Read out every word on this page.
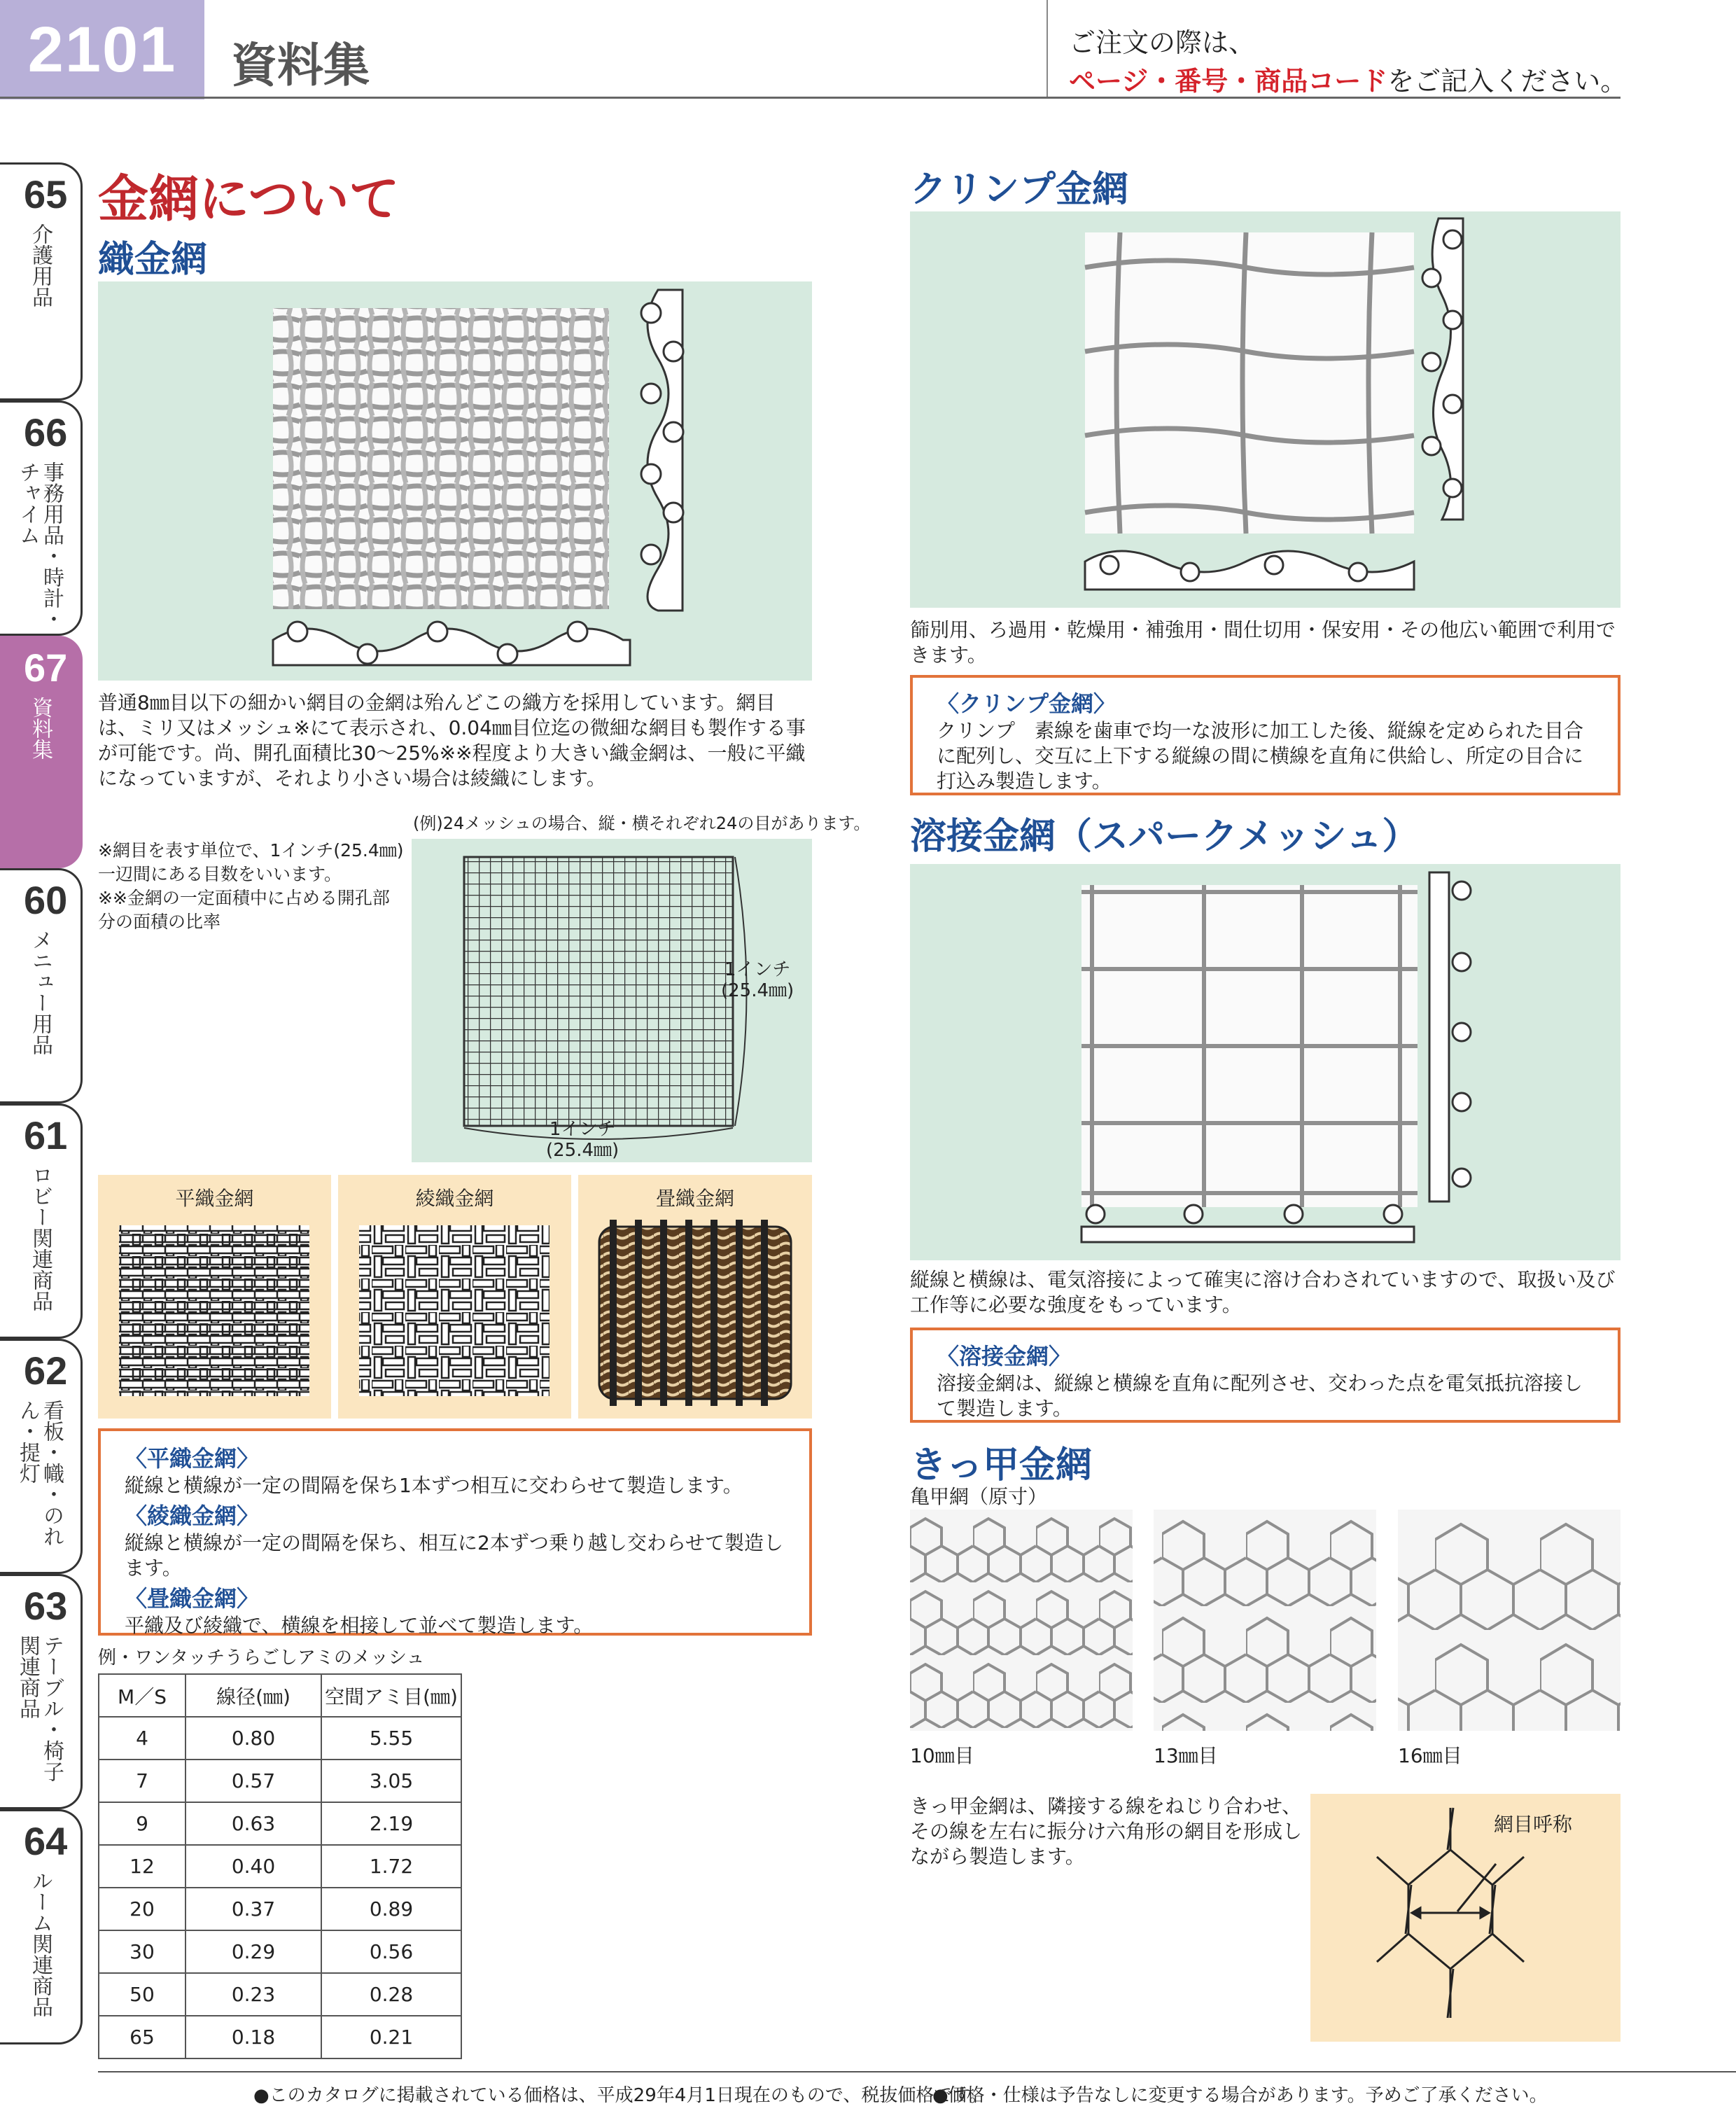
2101	資料集	ご注文の際は、
ページ・番号・商品コードをご記入ください。
65
介護用品
66
事務用品・時計・チャイム
67
資料集
60
メニュー用品
61
ロビー関連商品
62
看板・幟・のれん・提灯
63
テーブル・椅子関連商品
64
ルーム関連商品
金網について
織金網
普通8㎜目以下の細かい網目の金網は殆んどこの織方を採用しています。網目は、ミリ又はメッシュ※にて表示され、0.04㎜目位迄の微細な網目も製作する事が可能です。尚、開孔面積比30〜25%※※程度より大きい織金網は、一般に平織になっていますが、それより小さい場合は綾織にします。
(例)24メッシュの場合、縦・横それぞれ24の目があります。
※網目を表す単位で、1インチ(25.4㎜)一辺間にある目数をいいます。
※※金網の一定面積中に占める開孔部分の面積の比率
1インチ
(25.4㎜)
1インチ
(25.4㎜)
平織金網	綾織金網	畳織金網
〈平織金網〉
縦線と横線が一定の間隔を保ち1本ずつ相互に交わらせて製造します。
〈綾織金網〉
縦線と横線が一定の間隔を保ち、相互に2本ずつ乗り越し交わらせて製造します。
〈畳織金網〉
平織及び綾織で、横線を相接して並べて製造します。
例・ワンタッチうらごしアミのメッシュ
M／S	線径(㎜)	空間アミ目(㎜)
4	0.80	5.55
7	0.57	3.05
9	0.63	2.19
12	0.40	1.72
20	0.37	0.89
30	0.29	0.56
50	0.23	0.28
65	0.18	0.21
クリンプ金網
篩別用、ろ過用・乾燥用・補強用・間仕切用・保安用・その他広い範囲で利用できます。
〈クリンプ金網〉
クリンプ　素線を歯車で均一な波形に加工した後、縦線を定められた目合に配列し、交互に上下する縦線の間に横線を直角に供給し、所定の目合に打込み製造します。
溶接金網（スパークメッシュ）
縦線と横線は、電気溶接によって確実に溶け合わされていますので、取扱い及び工作等に必要な強度をもっています。
〈溶接金網〉
溶接金網は、縦線と横線を直角に配列させ、交わった点を電気抵抗溶接して製造します。
きっ甲金網
亀甲網（原寸）
10㎜目	13㎜目	16㎜目
きっ甲金網は、隣接する線をねじり合わせ、その線を左右に振分け六角形の網目を形成しながら製造します。
網目呼称
●このカタログに掲載されている価格は、平成29年4月1日現在のもので、税抜価格です。
●価格・仕様は予告なしに変更する場合があります。予めご了承ください。
